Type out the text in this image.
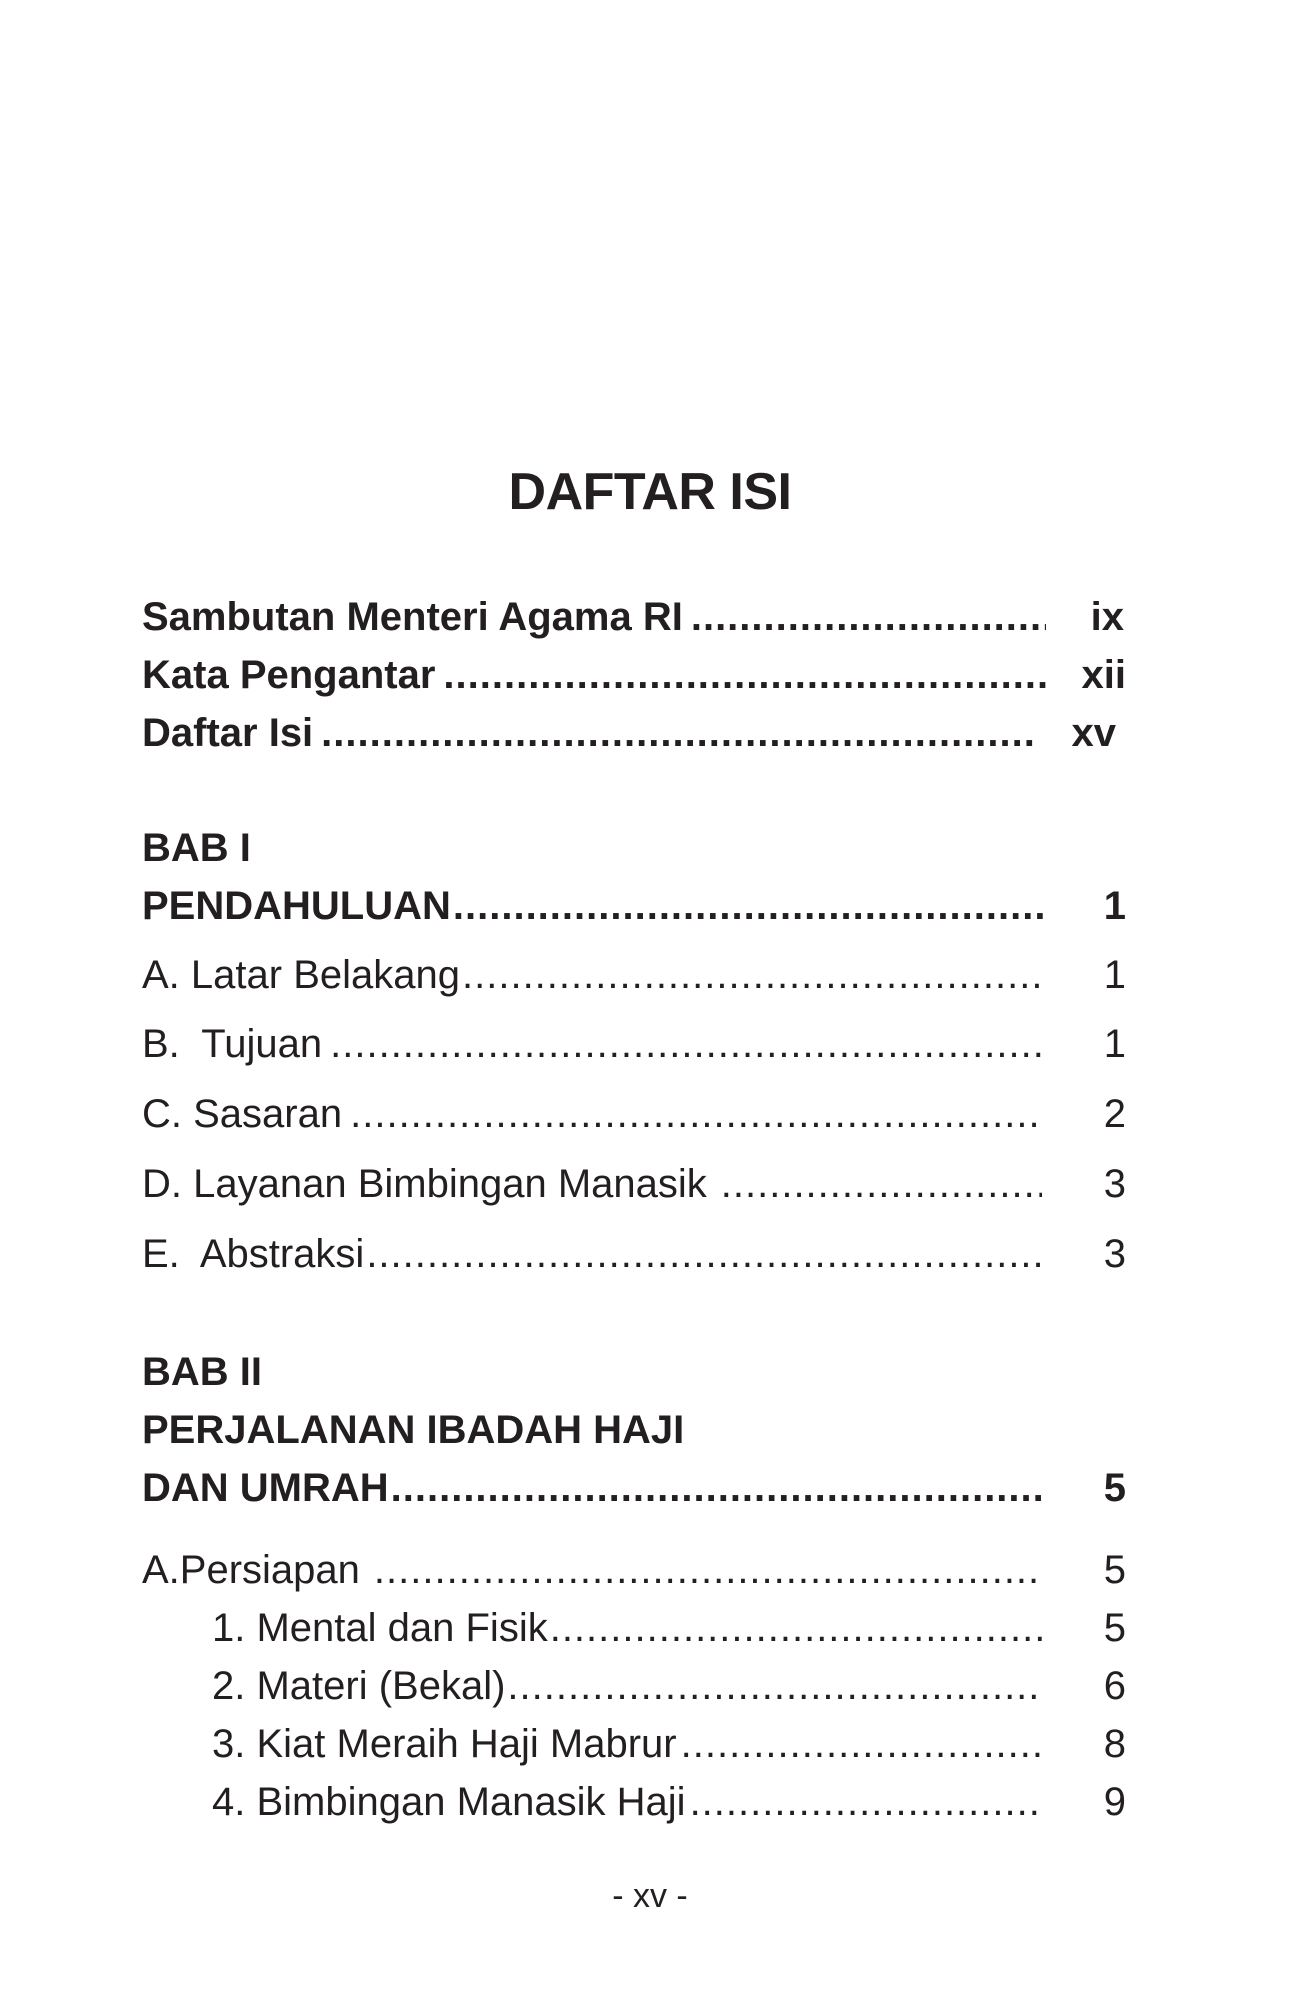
DAFTAR ISI
Sambutan Menteri Agama RI .....	ix
Kata Pengantar .....	xii
Daftar Isi .....	xv
BAB I
PENDAHULUAN .....	1
A. Latar Belakang .....	1
B.  Tujuan .....	1
C. Sasaran .....	2
D. Layanan Bimbingan Manasik .....	3
E.  Abstraksi .....	3
BAB II
PERJALANAN IBADAH HAJI
DAN UMRAH .....	5
A. Persiapan .....	5
1. Mental dan Fisik .....	5
2. Materi (Bekal) .....	6
3. Kiat Meraih Haji Mabrur .....	8
4. Bimbingan Manasik Haji .....	9
- xv -
